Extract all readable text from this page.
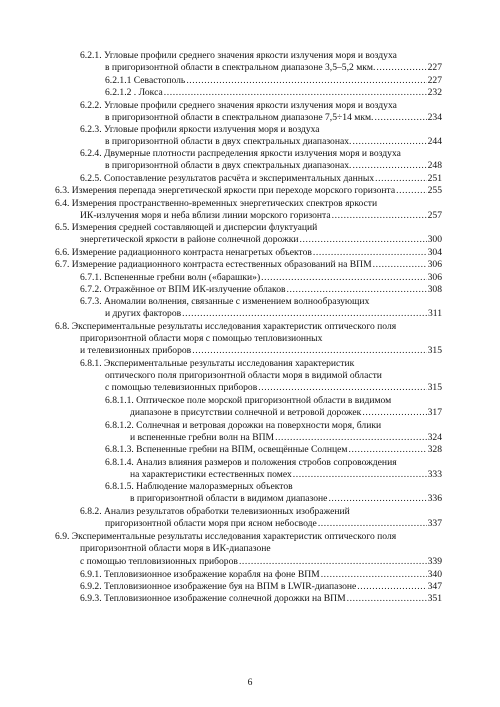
6.2.1. Угловые профили среднего значения яркости излучения моря и воздуха
в пригоризонтной области в спектральном диапазоне 3,5–5,2 мкм. .....	227
6.2.1.1 Севастополь .....	227
6.2.1.2 . Локса .....	232
6.2.2. Угловые профили среднего значения яркости излучения моря и воздуха
в пригоризонтной области в спектральном диапазоне 7,5÷14 мкм. .....	234
6.2.3. Угловые профили яркости излучения моря и воздуха
в пригоризонтной области в двух спектральных диапазонах. .....	244
6.2.4. Двумерные плотности распределения яркости излучения моря и воздуха
в пригоризонтной области в двух спектральных диапазонах. .....	248
6.2.5. Сопоставление результатов расчёта и экспериментальных данных .....	251
6.3. Измерения перепада энергетической яркости при переходе морского горизонта .....	255
6.4. Измерения пространственно-временных энергетических спектров яркости
ИК-излучения моря и неба вблизи линии морского горизонта .....	257
6.5. Измерения средней составляющей и дисперсии флуктуаций
энергетической яркости в районе солнечной дорожки .....	300
6.6. Измерение радиационного контраста ненагретых объектов .....	304
6.7. Измерение радиационного контраста естественных образований на ВПМ .....	306
6.7.1. Вспененные гребни волн («барашки») .....	306
6.7.2. Отражённое от ВПМ ИК-излучение облаков .....	308
6.7.3. Аномалии волнения, связанные с изменением волнообразующих
и других факторов .....	311
6.8. Экспериментальные результаты исследования характеристик оптического поля
пригоризонтной области моря с помощью тепловизионных
и телевизионных приборов .....	315
6.8.1. Экспериментальные результаты исследования характеристик
оптического поля пригоризонтной области моря в видимой области
с помощью телевизионных приборов .....	315
6.8.1.1. Оптическое поле морской пригоризонтной области в видимом
диапазоне в присутствии солнечной и ветровой дорожек .....	317
6.8.1.2. Солнечная и ветровая дорожки на поверхности моря, блики
и вспененные гребни волн на ВПМ .....	324
6.8.1.3. Вспененные гребни на ВПМ, освещённые Солнцем .....	328
6.8.1.4. Анализ влияния размеров и положения стробов сопровождения
на характеристики естественных помех .....	333
6.8.1.5. Наблюдение малоразмерных объектов
в пригоризонтной области в видимом диапазоне .....	336
6.8.2. Анализ результатов обработки телевизионных изображений
пригоризонтной области моря при ясном небосводе .....	337
6.9. Экспериментальные результаты исследования характеристик оптического поля
пригоризонтной области моря в ИК-диапазоне
с помощью тепловизионных приборов .....	339
6.9.1. Тепловизионное изображение корабля на фоне ВПМ .....	340
6.9.2. Тепловизионное изображение буя на ВПМ в LWIR-диапазоне .....	347
6.9.3. Тепловизионное изображение солнечной дорожки на ВПМ .....	351
6
